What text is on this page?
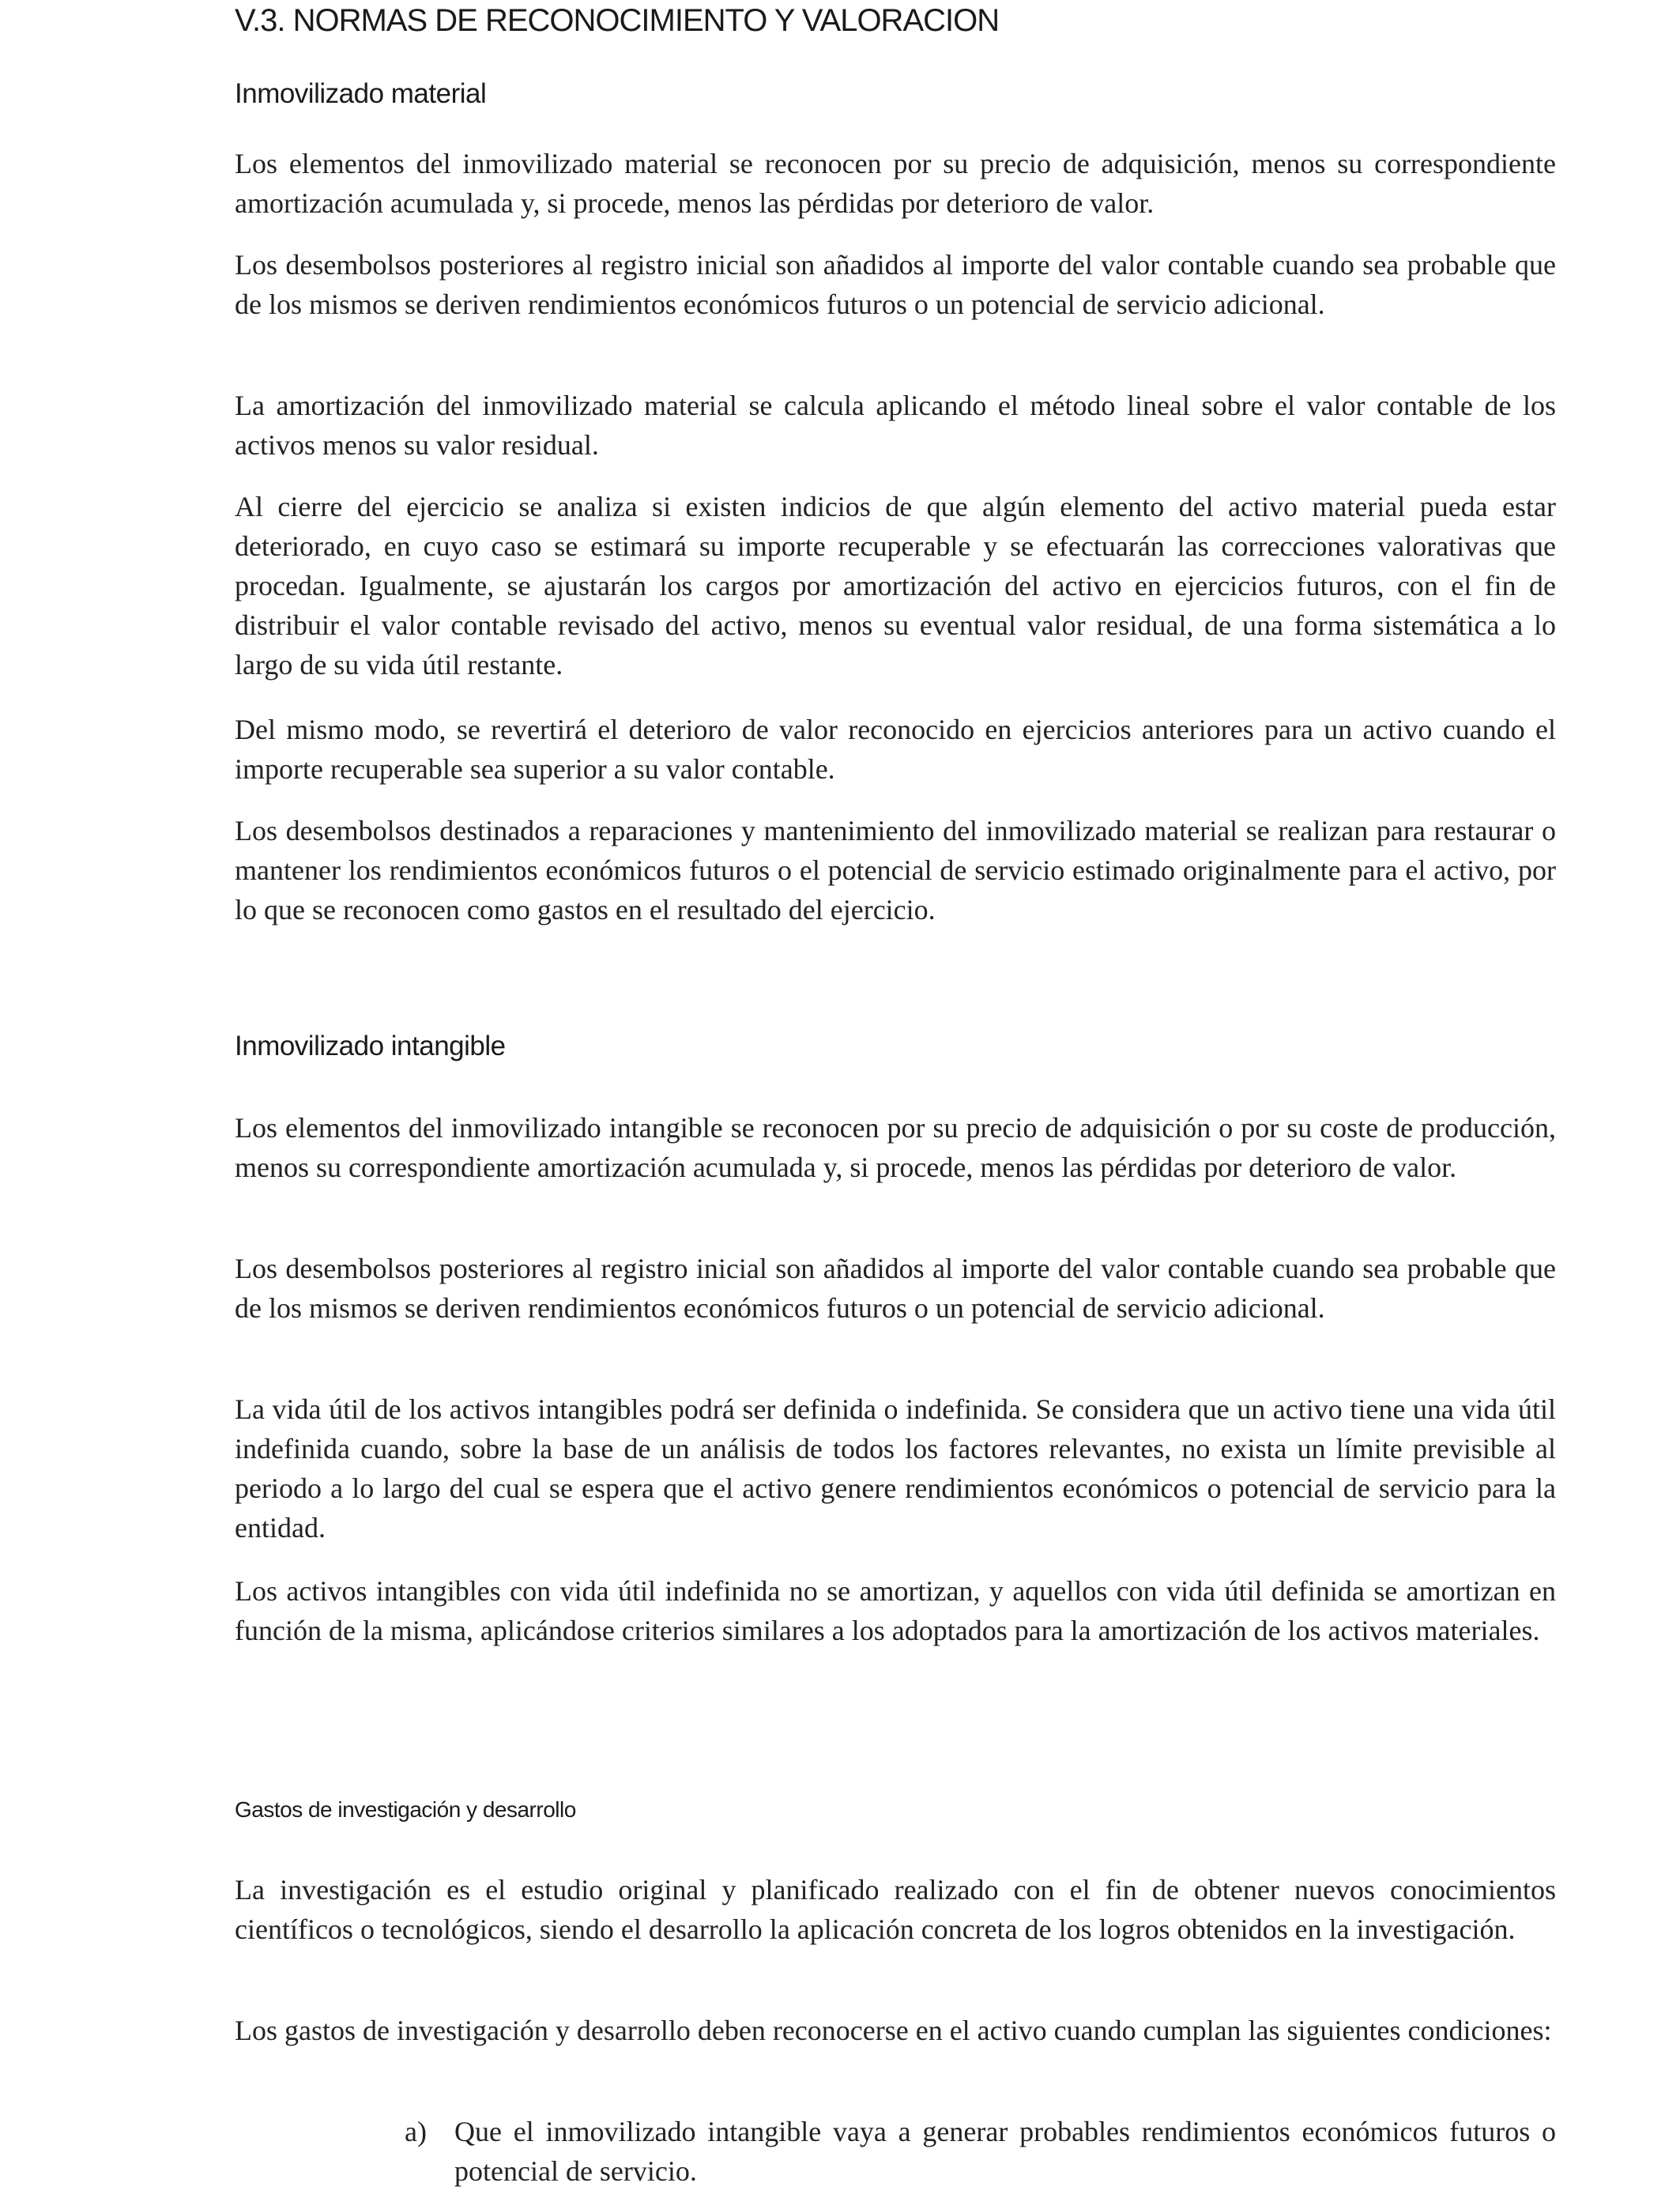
V.3. NORMAS DE RECONOCIMIENTO Y VALORACION
Inmovilizado material

Los elementos del inmovilizado material se reconocen por su precio de adquisición, menos su correspondiente amortización acumulada y, si procede, menos las pérdidas por deterioro de valor.

Los desembolsos posteriores al registro inicial son añadidos al importe del valor contable cuando sea probable que de los mismos se deriven rendimientos económicos futuros o un potencial de servicio adicional.

La amortización del inmovilizado material se calcula aplicando el método lineal sobre el valor contable de los activos menos su valor residual.

Al cierre del ejercicio se analiza si existen indicios de que algún elemento del activo material pueda estar deteriorado, en cuyo caso se estimará su importe recuperable y se efectuarán las correcciones valorativas que procedan. Igualmente, se ajustarán los cargos por amortización del activo en ejercicios futuros, con el fin de distribuir el valor contable revisado del activo, menos su eventual valor residual, de una forma sistemática a lo largo de su vida útil restante.

Del mismo modo, se revertirá el deterioro de valor reconocido en ejercicios anteriores para un activo cuando el importe recuperable sea superior a su valor contable.

Los desembolsos destinados a reparaciones y mantenimiento del inmovilizado material se realizan para restaurar o mantener los rendimientos económicos futuros o el potencial de servicio estimado originalmente para el activo, por lo que se reconocen como gastos en el resultado del ejercicio.

Inmovilizado intangible

Los elementos del inmovilizado intangible se reconocen por su precio de adquisición o por su coste de producción, menos su correspondiente amortización acumulada y, si procede, menos las pérdidas por deterioro de valor.

Los desembolsos posteriores al registro inicial son añadidos al importe del valor contable cuando sea probable que de los mismos se deriven rendimientos económicos futuros o un potencial de servicio adicional.

La vida útil de los activos intangibles podrá ser definida o indefinida. Se considera que un activo tiene una vida útil indefinida cuando, sobre la base de un análisis de todos los factores relevantes, no exista un límite previsible al periodo a lo largo del cual se espera que el activo genere rendimientos económicos o potencial de servicio para la entidad.

Los activos intangibles con vida útil indefinida no se amortizan, y aquellos con vida útil definida se amortizan en función de la misma, aplicándose criterios similares a los adoptados para la amortización de los activos materiales.

Gastos de investigación y desarrollo

La investigación es el estudio original y planificado realizado con el fin de obtener nuevos conocimientos científicos o tecnológicos, siendo el desarrollo la aplicación concreta de los logros obtenidos en la investigación.

Los gastos de investigación y desarrollo deben reconocerse en el activo cuando cumplan las siguientes condiciones:

a) Que el inmovilizado intangible vaya a generar probables rendimientos económicos futuros o potencial de servicio.
